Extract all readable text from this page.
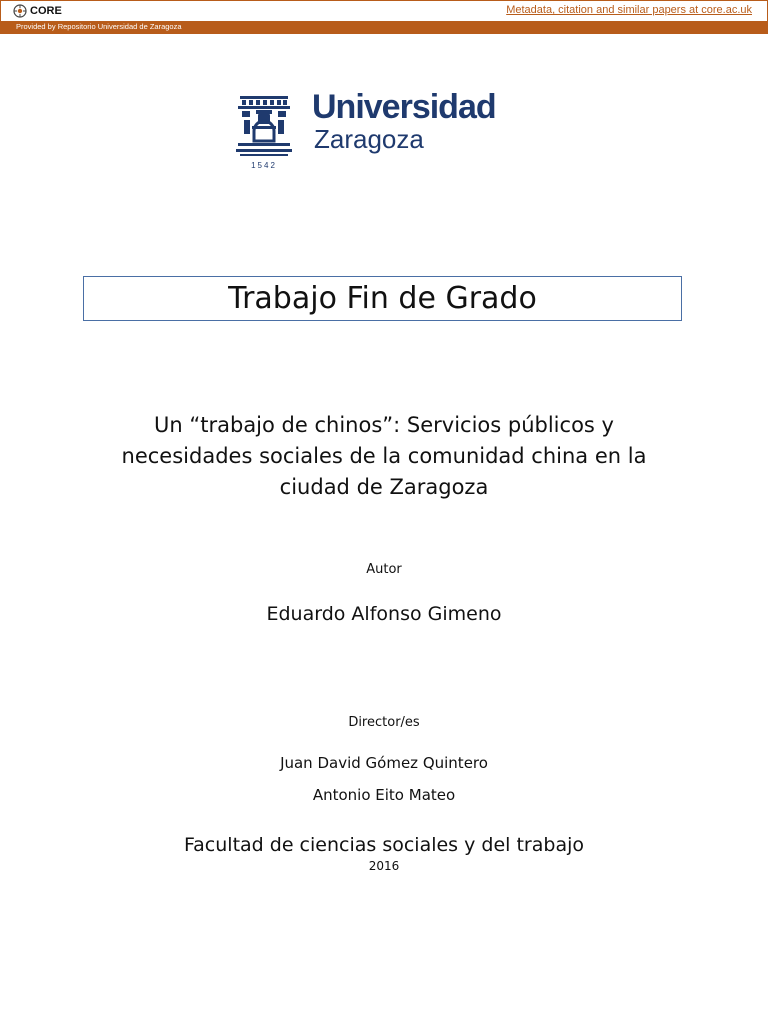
CORE	Metadata, citation and similar papers at core.ac.uk
Provided by Repositorio Universidad de Zaragoza
1542
Universidad
Zaragoza
Trabajo Fin de Grado
Un “trabajo de chinos”: Servicios públicos y
necesidades sociales de la comunidad china en la
ciudad de Zaragoza
Autor
Eduardo Alfonso Gimeno
Director/es
Juan David Gómez Quintero
Antonio Eito Mateo
Facultad de ciencias sociales y del trabajo
2016
